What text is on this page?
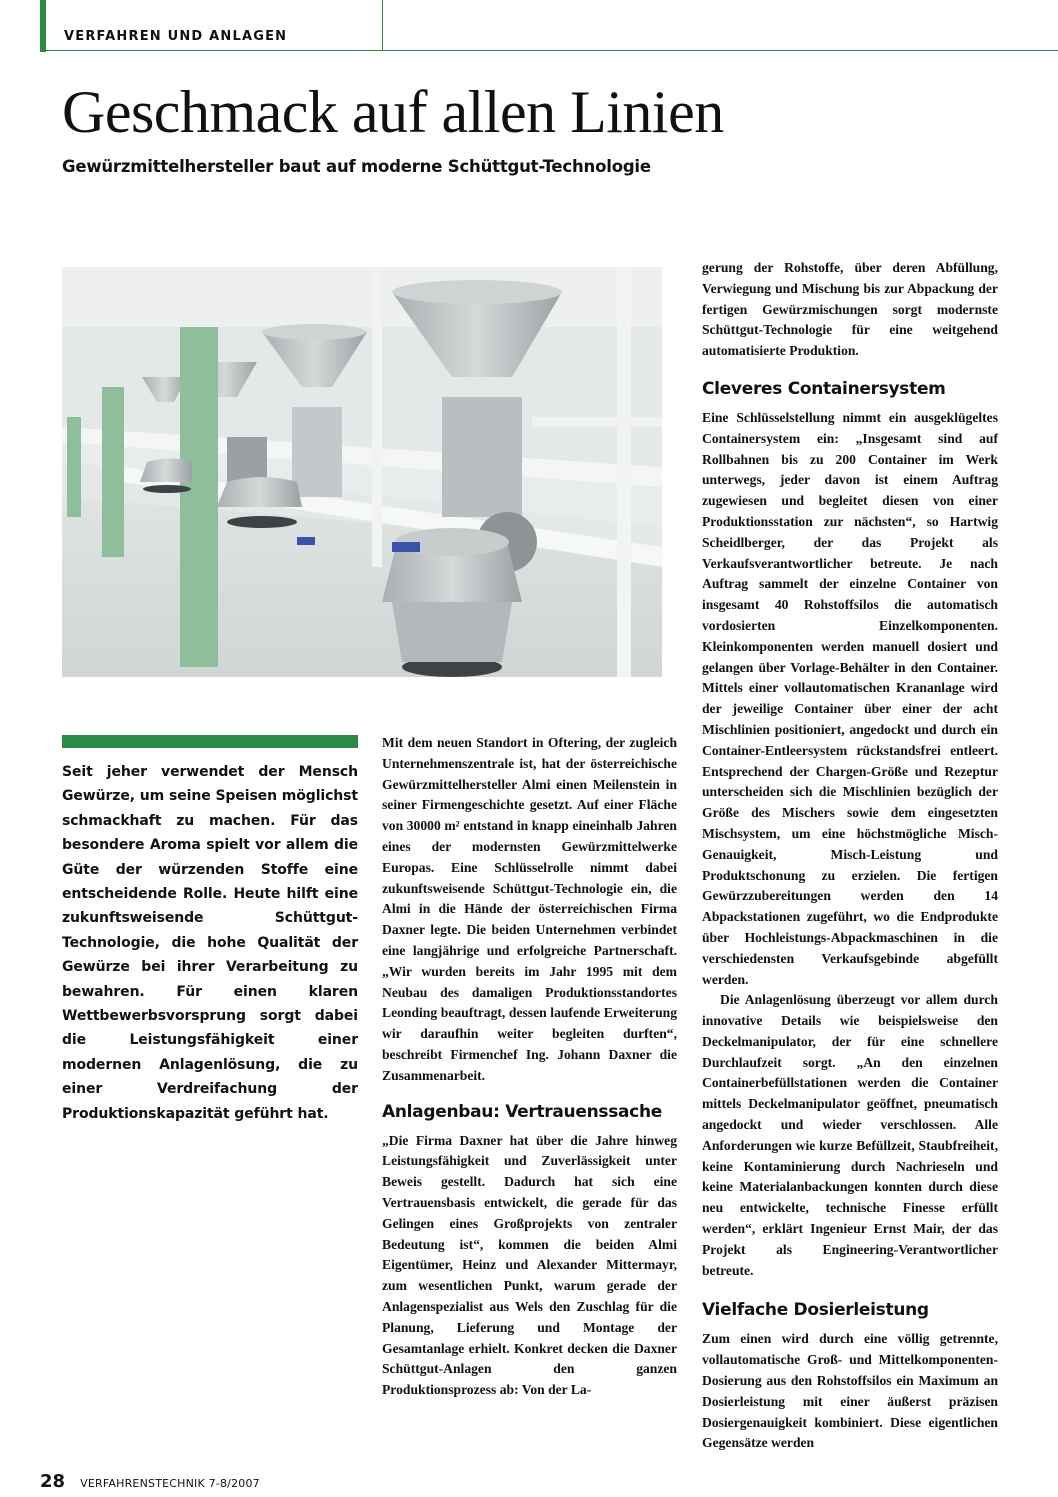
VERFAHREN UND ANLAGEN
Geschmack auf allen Linien
Gewürzmittelhersteller baut auf moderne Schüttgut-Technologie

Seit jeher verwendet der Mensch Gewürze, um seine Speisen möglichst schmackhaft zu machen. Für das besondere Aroma spielt vor allem die Güte der würzenden Stoffe eine entscheidende Rolle. Heute hilft eine zukunftsweisende Schüttgut-Technologie, die hohe Qualität der Gewürze bei ihrer Verarbeitung zu bewahren. Für einen klaren Wettbewerbsvorsprung sorgt dabei die Leistungsfähigkeit einer modernen Anlagenlösung, die zu einer Verdreifachung der Produktionskapazität geführt hat.

Mit dem neuen Standort in Oftering, der zugleich Unternehmenszentrale ist, hat der österreichische Gewürzmittelhersteller Almi einen Meilenstein in seiner Firmengeschichte gesetzt. Auf einer Fläche von 30000 m² entstand in knapp eineinhalb Jahren eines der modernsten Gewürzmittelwerke Europas. Eine Schlüsselrolle nimmt dabei zukunftsweisende Schüttgut-Technologie ein, die Almi in die Hände der österreichischen Firma Daxner legte. Die beiden Unternehmen verbindet eine langjährige und erfolgreiche Partnerschaft. „Wir wurden bereits im Jahr 1995 mit dem Neubau des damaligen Produktionsstandortes Leonding beauftragt, dessen laufende Erweiterung wir daraufhin weiter begleiten durften“, beschreibt Firmenchef Ing. Johann Daxner die Zusammenarbeit.

Anlagenbau: Vertrauenssache

„Die Firma Daxner hat über die Jahre hinweg Leistungsfähigkeit und Zuverlässigkeit unter Beweis gestellt. Dadurch hat sich eine Vertrauensbasis entwickelt, die gerade für das Gelingen eines Großprojekts von zentraler Bedeutung ist“, kommen die beiden Almi Eigentümer, Heinz und Alexander Mittermayr, zum wesentlichen Punkt, warum gerade der Anlagenspezialist aus Wels den Zuschlag für die Planung, Lieferung und Montage der Gesamtanlage erhielt. Konkret decken die Daxner Schüttgut-Anlagen den ganzen Produktionsprozess ab: Von der La-

gerung der Rohstoffe, über deren Abfüllung, Verwiegung und Mischung bis zur Abpackung der fertigen Gewürzmischungen sorgt modernste Schüttgut-Technologie für eine weitgehend automatisierte Produktion.

Cleveres Containersystem

Eine Schlüsselstellung nimmt ein ausgeklügeltes Containersystem ein: „Insgesamt sind auf Rollbahnen bis zu 200 Container im Werk unterwegs, jeder davon ist einem Auftrag zugewiesen und begleitet diesen von einer Produktionsstation zur nächsten“, so Hartwig Scheidlberger, der das Projekt als Verkaufsverantwortlicher betreute. Je nach Auftrag sammelt der einzelne Container von insgesamt 40 Rohstoffsilos die automatisch vordosierten Einzelkomponenten. Kleinkomponenten werden manuell dosiert und gelangen über Vorlage-Behälter in den Container. Mittels einer vollautomatischen Krananlage wird der jeweilige Container über einer der acht Mischlinien positioniert, angedockt und durch ein Container-Entleersystem rückstandsfrei entleert. Entsprechend der Chargen-Größe und Rezeptur unterscheiden sich die Mischlinien bezüglich der Größe des Mischers sowie dem eingesetzten Mischsystem, um eine höchstmögliche Misch-Genauigkeit, Misch-Leistung und Produktschonung zu erzielen. Die fertigen Gewürzzubereitungen werden den 14 Abpackstationen zugeführt, wo die Endprodukte über Hochleistungs-Abpackmaschinen in die verschiedensten Verkaufsgebinde abgefüllt werden.

Die Anlagenlösung überzeugt vor allem durch innovative Details wie beispielsweise den Deckelmanipulator, der für eine schnellere Durchlaufzeit sorgt. „An den einzelnen Containerbefüllstationen werden die Container mittels Deckelmanipulator geöffnet, pneumatisch angedockt und wieder verschlossen. Alle Anforderungen wie kurze Befüllzeit, Staubfreiheit, keine Kontaminierung durch Nachrieseln und keine Materialanbackungen konnten durch diese neu entwickelte, technische Finesse erfüllt werden“, erklärt Ingenieur Ernst Mair, der das Projekt als Engineering-Verantwortlicher betreute.

Vielfache Dosierleistung

Zum einen wird durch eine völlig getrennte, vollautomatische Groß- und Mittelkomponenten-Dosierung aus den Rohstoffsilos ein Maximum an Dosierleistung mit einer äußerst präzisen Dosiergenauigkeit kombiniert. Diese eigentlichen Gegensätze werden

28 VERFAHRENSTECHNIK 7-8/2007
